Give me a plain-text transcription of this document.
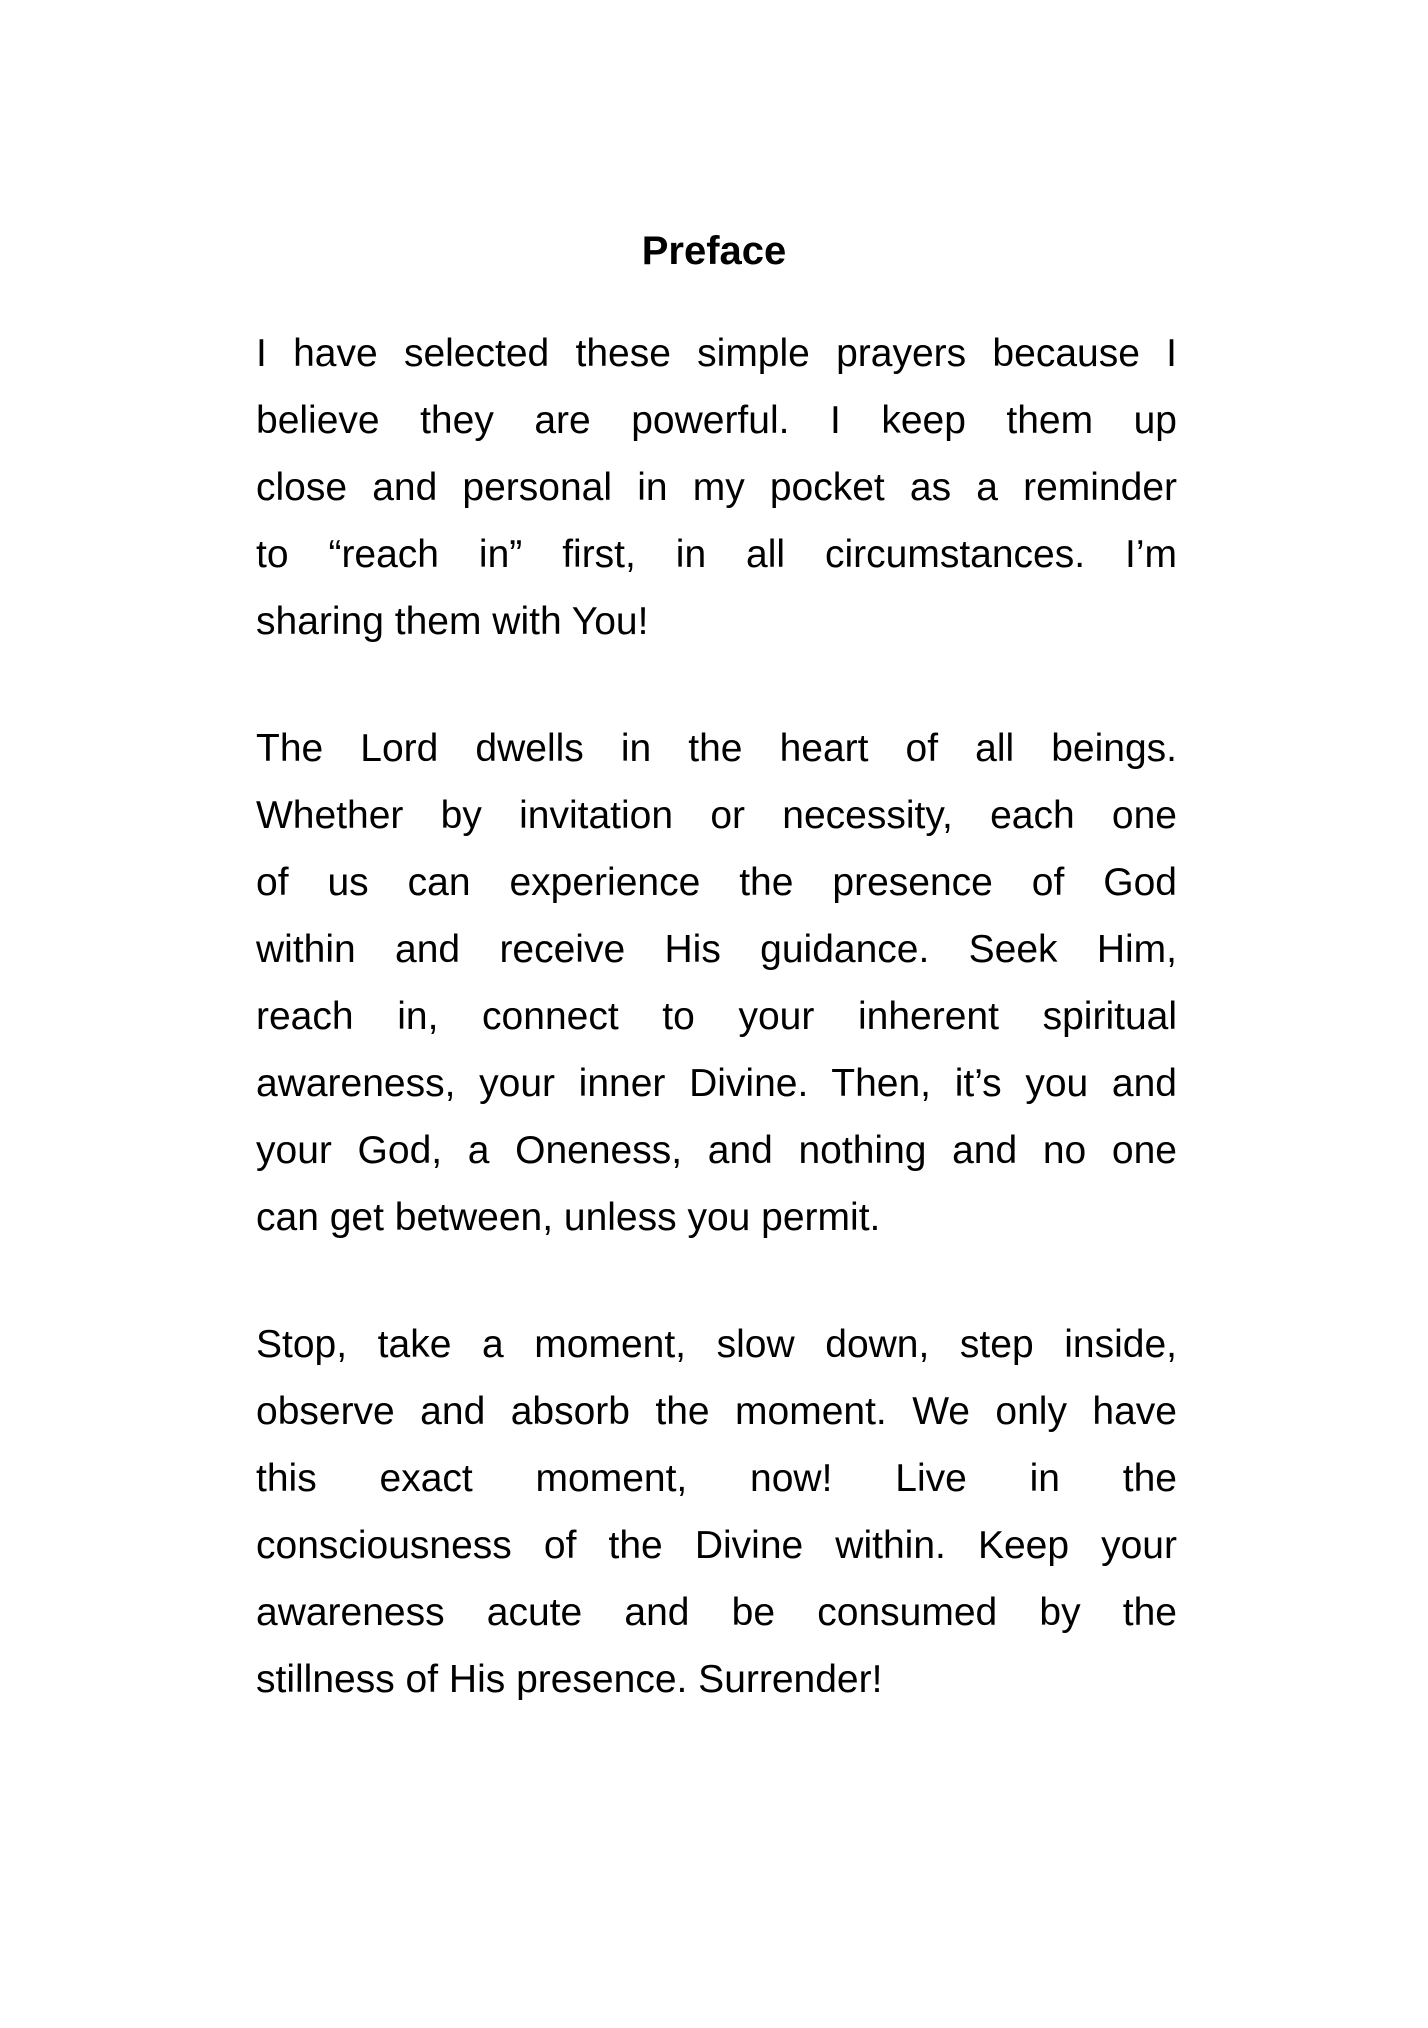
Preface
I have selected these simple prayers because I
believe they are powerful. I keep them up
close and personal in my pocket as a reminder
to “reach in” first, in all circumstances. I’m
sharing them with You!
The Lord dwells in the heart of all beings.
Whether by invitation or necessity, each one
of us can experience the presence of God
within and receive His guidance. Seek Him,
reach in, connect to your inherent spiritual
awareness, your inner Divine. Then, it’s you and
your God, a Oneness, and nothing and no one
can get between, unless you permit.
Stop, take a moment, slow down, step inside,
observe and absorb the moment. We only have
this exact moment, now! Live in the
consciousness of the Divine within. Keep your
awareness acute and be consumed by the
stillness of His presence. Surrender!
